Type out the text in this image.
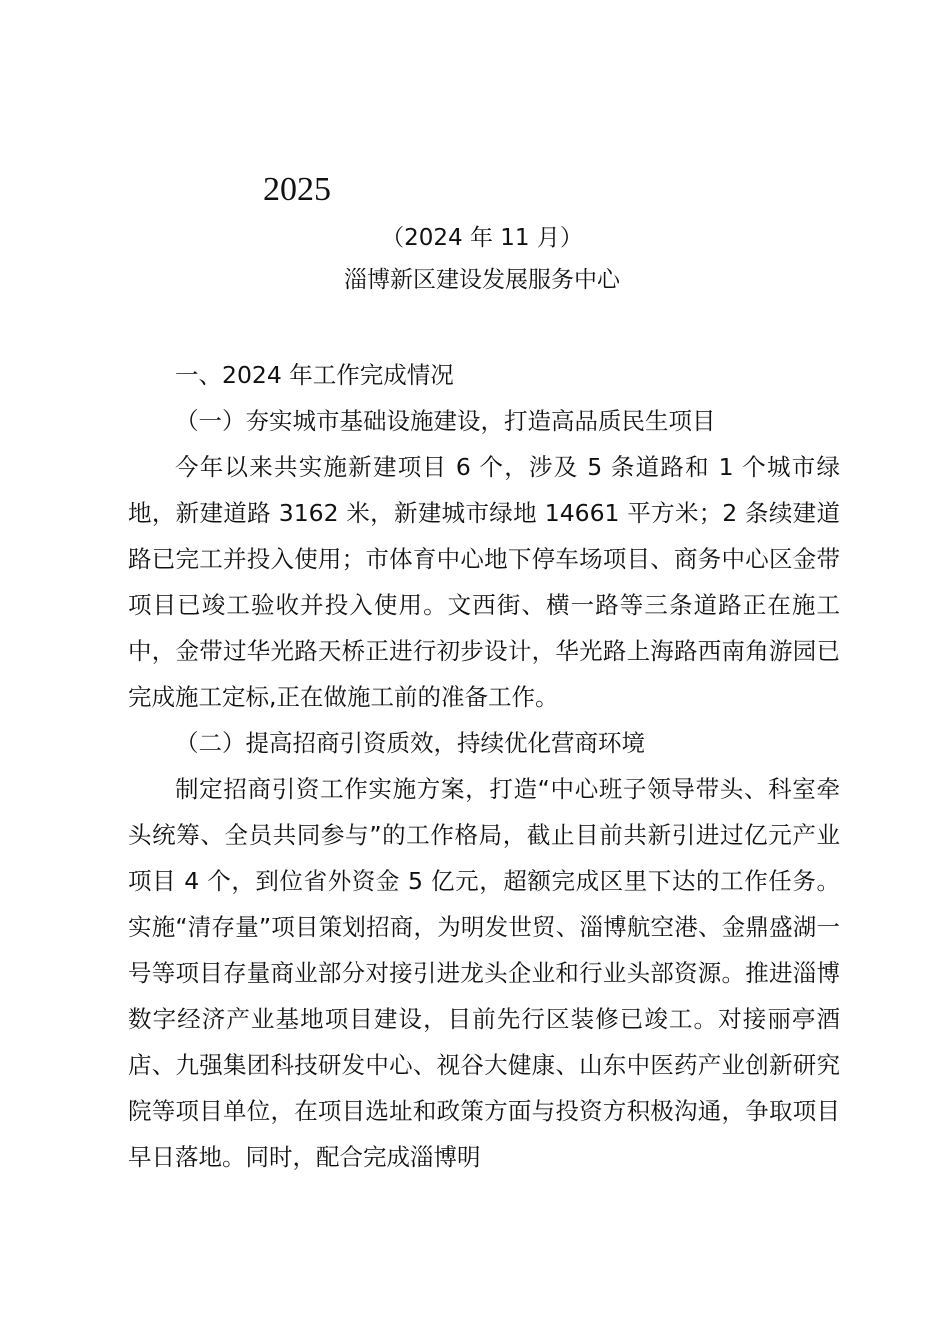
2025
（2024 年 11 月）
淄博新区建设发展服务中心

一、2024 年工作完成情况

（一）夯实城市基础设施建设，打造高品质民生项目

今年以来共实施新建项目 6 个，涉及 5 条道路和 1 个城市绿地，新建道路 3162 米，新建城市绿地 14661 平方米；2 条续建道路已完工并投入使用；市体育中心地下停车场项目、商务中心区金带项目已竣工验收并投入使用。文西街、横一路等三条道路正在施工中，金带过华光路天桥正进行初步设计，华光路上海路西南角游园已完成施工定标,正在做施工前的准备工作。

（二）提高招商引资质效，持续优化营商环境

制定招商引资工作实施方案，打造“中心班子领导带头、科室牵头统筹、全员共同参与”的工作格局，截止目前共新引进过亿元产业项目 4 个，到位省外资金 5 亿元，超额完成区里下达的工作任务。实施“清存量”项目策划招商，为明发世贸、淄博航空港、金鼎盛湖一号等项目存量商业部分对接引进龙头企业和行业头部资源。推进淄博数字经济产业基地项目建设，目前先行区装修已竣工。对接丽亭酒店、九强集团科技研发中心、视谷大健康、山东中医药产业创新研究院等项目单位，在项目选址和政策方面与投资方积极沟通，争取项目早日落地。同时，配合完成淄博明
